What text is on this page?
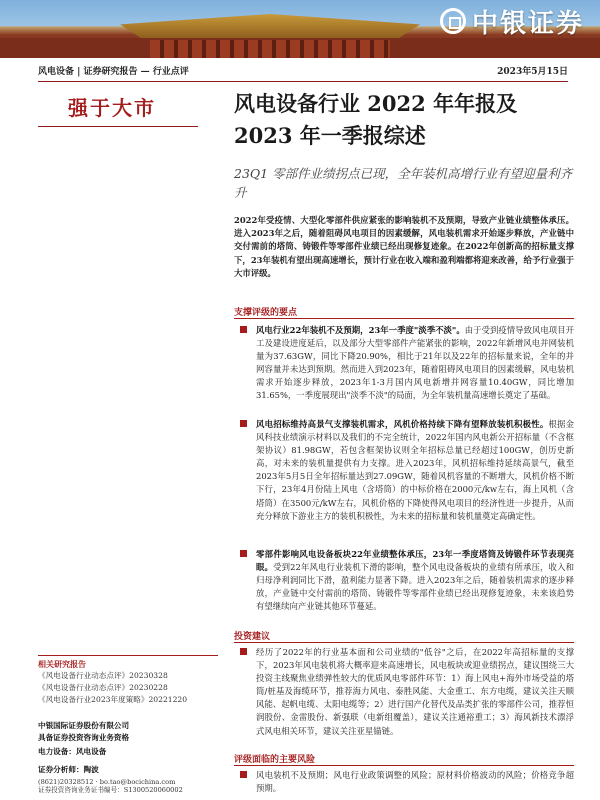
中银证券
风电设备 | 证券研究报告 — 行业点评	2023年5月15日
强于大市	风电设备行业 2022 年年报及 2023 年一季报综述
23Q1 零部件业绩拐点已现，全年装机高增行业有望迎量利齐升
2022年受疫情、大型化零部件供应紧张的影响装机不及预期，导致产业链业绩整体承压。进入2023年之后，随着阻碍风电项目的因素缓解，风电装机需求开始逐步释放，产业链中交付需前的塔筒、铸锻件等零部件业绩已经出现修复迹象。在2022年创新高的招标量支撑下，23年装机有望出现高速增长，预计行业在收入端和盈利端都将迎来改善，给予行业强于大市评级。
支撑评级的要点
风电行业22年装机不及预期，23年一季度"淡季不淡"。由于受到疫情导致风电项目开工及建设进度延后，以及部分大型零部件产能紧张的影响，2022年新增风电并网装机量为37.63GW，同比下降20.90%，相比于21年以及22年的招标量来说，全年的并网容量并未达到预期。然而进入到2023年，随着阻碍风电项目的因素缓解，风电装机需求开始逐步释放，2023年1-3月国内风电新增并网容量10.40GW，同比增加31.65%，一季度展现出"淡季不淡"的局面，为全年装机量高速增长奠定了基础。
风电招标维持高景气支撑装机需求，风机价格持续下降有望释放装机积极性。根据金风科技业绩演示材料以及我们的不完全统计，2022年国内风电新公开招标量（不含框架协议）81.98GW，若包含框架协议则全年招标总量已经超过100GW，创历史新高，对未来的装机量提供有力支撑。进入2023年，风机招标维持延续高景气，截至2023年5月5日全年招标量达到27.09GW，随着风机容量的不断增大，风机价格不断下行，23年4月份陆上风电（含塔筒）的中标价格在2000元/kw左右，海上风机（含塔筒）在3500元/kW左右，风机价格的下降使得风电项目的经济性进一步提升，从而充分释放下游业主方的装机积极性，为未来的招标量和装机量奠定高确定性。
零部件影响风电设备板块22年业绩整体承压，23年一季度塔筒及铸锻件环节表现亮眼。受到22年风电行业装机下滑的影响，整个风电设备板块的业绩有所承压，收入和归母净利润同比下滑，盈利能力显著下降。进入2023年之后，随着装机需求的逐步释放，产业链中交付需前的塔筒、铸锻件等零部件业绩已经出现修复迹象，未来该趋势有望继续向产业链其他环节蔓延。
投资建议
经历了2022年的行业基本面和公司业绩的"低谷"之后，在2022年高招标量的支撑下，2023年风电装机将大概率迎来高速增长，风电板块或迎业绩拐点，建议围绕三大投资主线聚焦业绩弹性较大的优质风电零部件环节：1）海上风电+海外市场受益的塔筒/桩基及海缆环节，推荐海力风电、泰胜风能、大金重工、东方电缆，建议关注天顺风能、起帆电缆、太阳电缆等；2）进行国产化替代及品类扩张的零部件公司，推荐恒润股份、金雷股份、新强联（电新组覆盖），建议关注通裕重工；3）海风新技术漂浮式风电相关环节，建议关注亚星锚链。
评级面临的主要风险
风电装机不及预期；风电行业政策调整的风险；原材料价格波动的风险；价格竞争超预期。
相关研究报告
《风电设备行业动态点评》20230328
《风电设备行业动态点评》20230228
《风电设备行业2023年度策略》20221220
中银国际证券股份有限公司
具备证券投资咨询业务资格
电力设备：风电设备
证券分析师：陶波
(8621)20328512 · bo.tao@bocichina.com
证券投资咨询业务证书编号：S1300520060002
